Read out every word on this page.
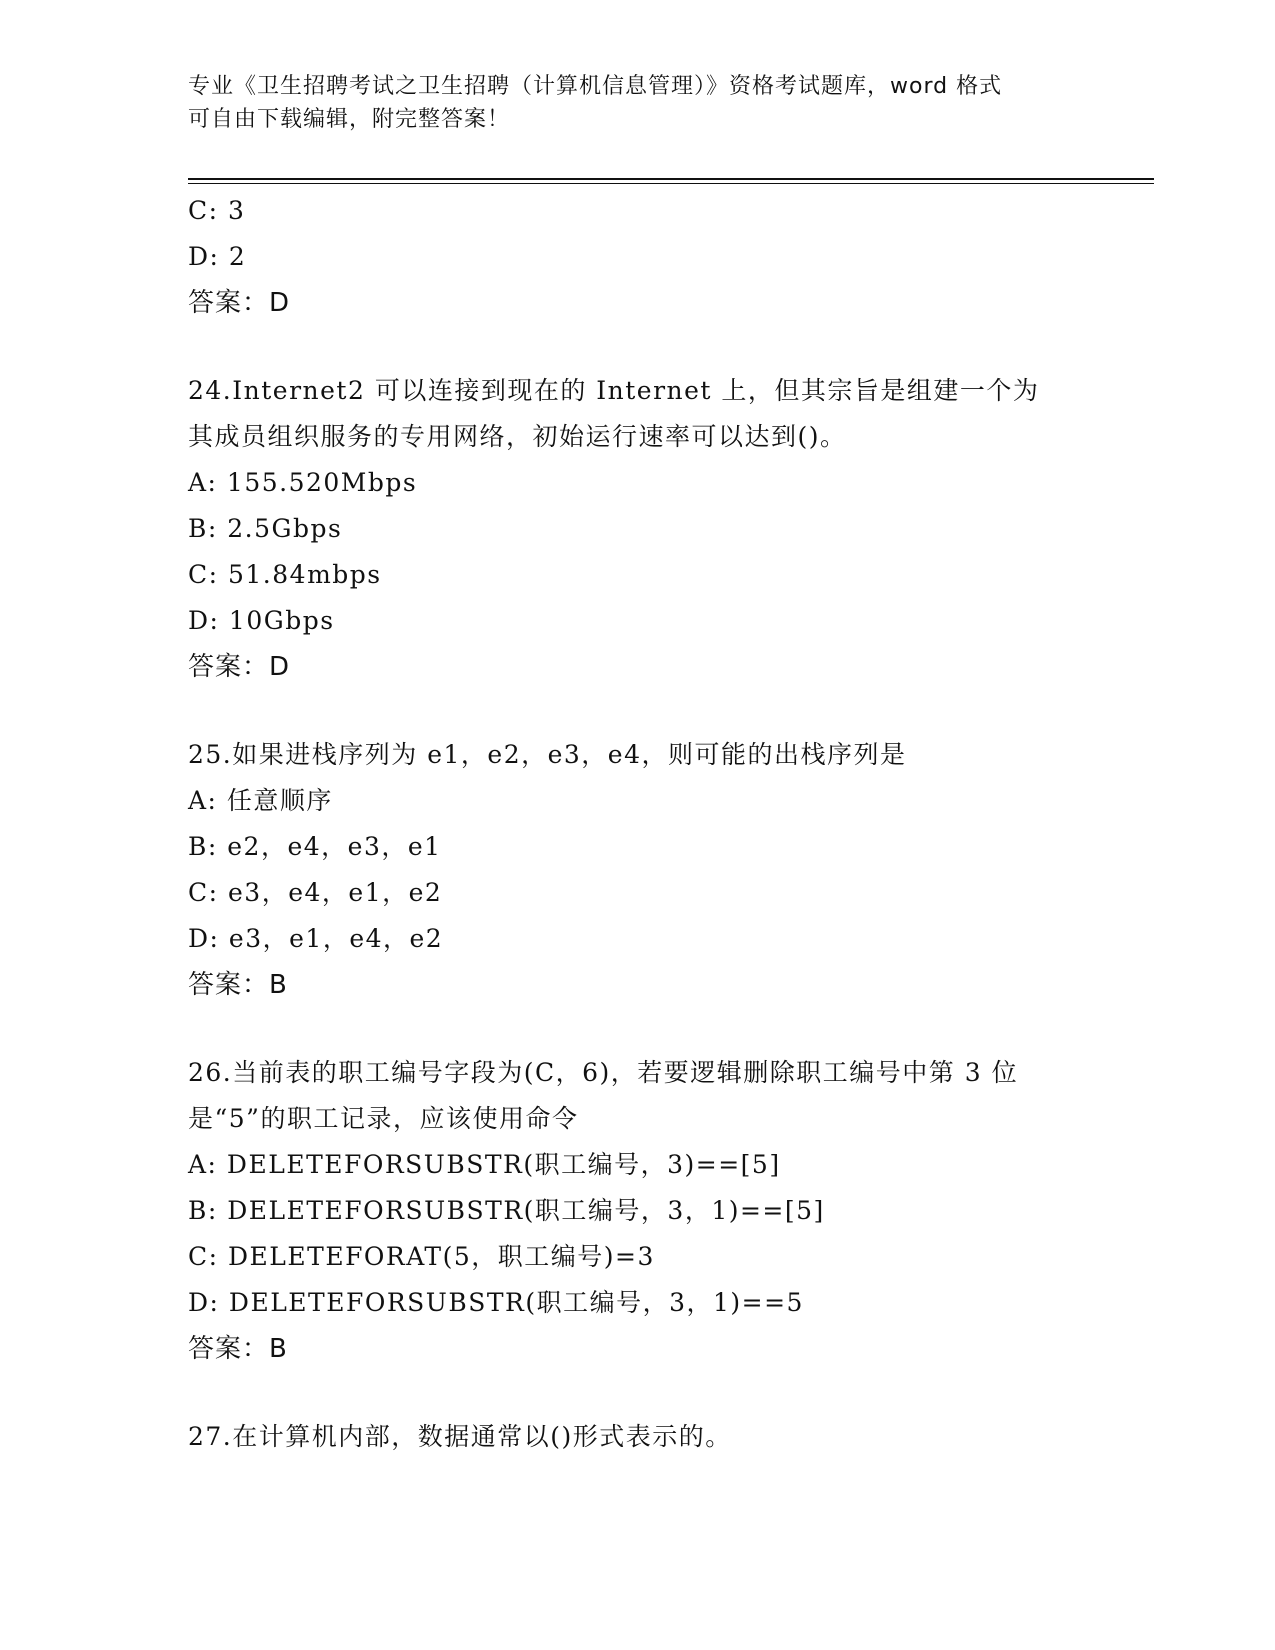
专业《卫生招聘考试之卫生招聘（计算机信息管理）》资格考试题库，word 格式
可自由下载编辑，附完整答案！
C: 3
D: 2
答案：D
24.Internet2 可以连接到现在的 Internet 上，但其宗旨是组建一个为
其成员组织服务的专用网络，初始运行速率可以达到()。
A: 155.520Mbps
B: 2.5Gbps
C: 51.84mbps
D: 10Gbps
答案：D
25.如果进栈序列为 e1，e2，e3，e4，则可能的出栈序列是
A: 任意顺序
B: e2，e4，e3，e1
C: e3，e4，e1，e2
D: e3，e1，e4，e2
答案：B
26.当前表的职工编号字段为(C，6)，若要逻辑删除职工编号中第 3 位
是“5”的职工记录，应该使用命令
A: DELETEFORSUBSTR(职工编号，3)==[5]
B: DELETEFORSUBSTR(职工编号，3，1)==[5]
C: DELETEFORAT(5，职工编号)=3
D: DELETEFORSUBSTR(职工编号，3，1)==5
答案：B
27.在计算机内部，数据通常以()形式表示的。
